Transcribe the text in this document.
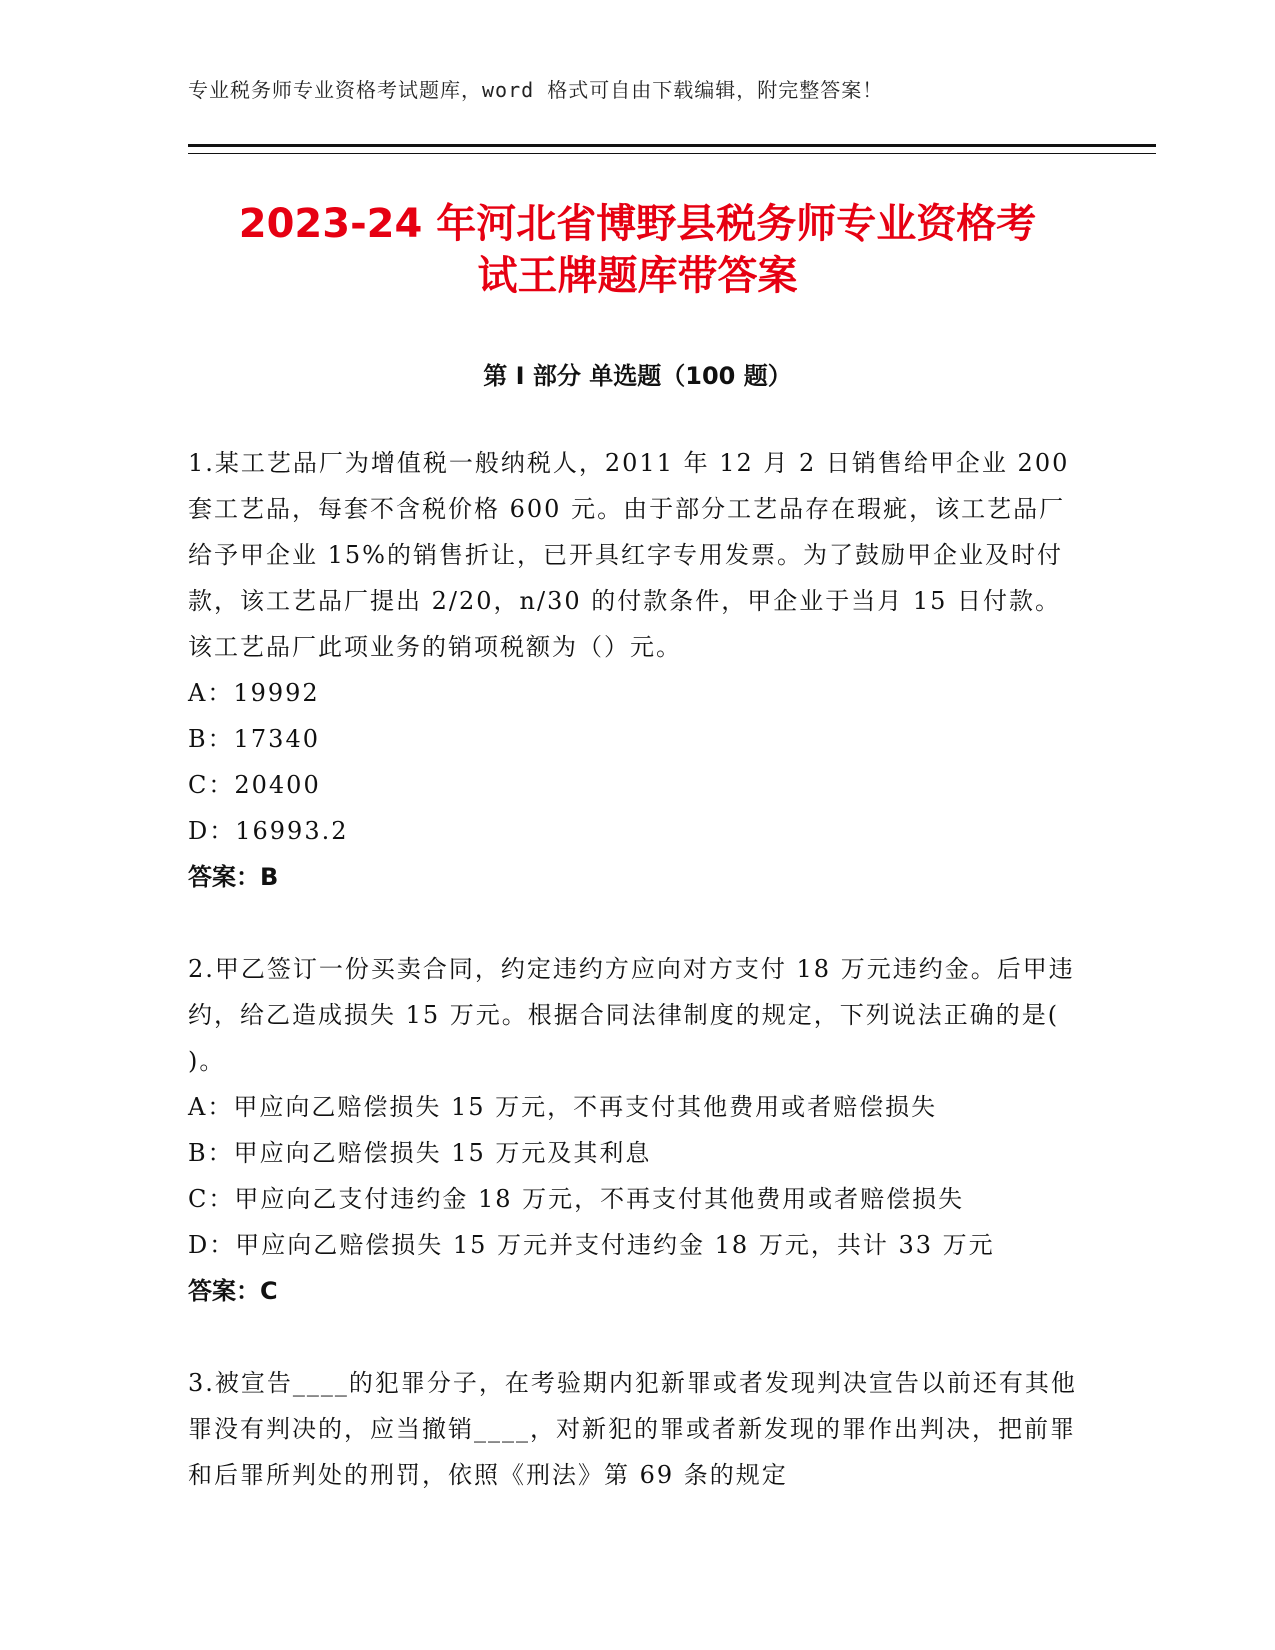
专业税务师专业资格考试题库，word 格式可自由下载编辑，附完整答案！
2023-24 年河北省博野县税务师专业资格考
试王牌题库带答案
第 I 部分 单选题（100 题）
1.某工艺品厂为增值税一般纳税人，2011 年 12 月 2 日销售给甲企业 200 套工艺品，每套不含税价格 600 元。由于部分工艺品存在瑕疵，该工艺品厂给予甲企业 15%的销售折让，已开具红字专用发票。为了鼓励甲企业及时付款，该工艺品厂提出 2/20，n/30 的付款条件，甲企业于当月 15 日付款。该工艺品厂此项业务的销项税额为（）元。
A：19992
B：17340
C：20400
D：16993.2
答案：B
2.甲乙签订一份买卖合同，约定违约方应向对方支付 18 万元违约金。后甲违约，给乙造成损失 15 万元。根据合同法律制度的规定，下列说法正确的是( )。
A：甲应向乙赔偿损失 15 万元，不再支付其他费用或者赔偿损失
B：甲应向乙赔偿损失 15 万元及其利息
C：甲应向乙支付违约金 18 万元，不再支付其他费用或者赔偿损失
D：甲应向乙赔偿损失 15 万元并支付违约金 18 万元，共计 33 万元
答案：C
3.被宣告____的犯罪分子，在考验期内犯新罪或者发现判决宣告以前还有其他罪没有判决的，应当撤销____，对新犯的罪或者新发现的罪作出判决，把前罪和后罪所判处的刑罚，依照《刑法》第 69 条的规定
